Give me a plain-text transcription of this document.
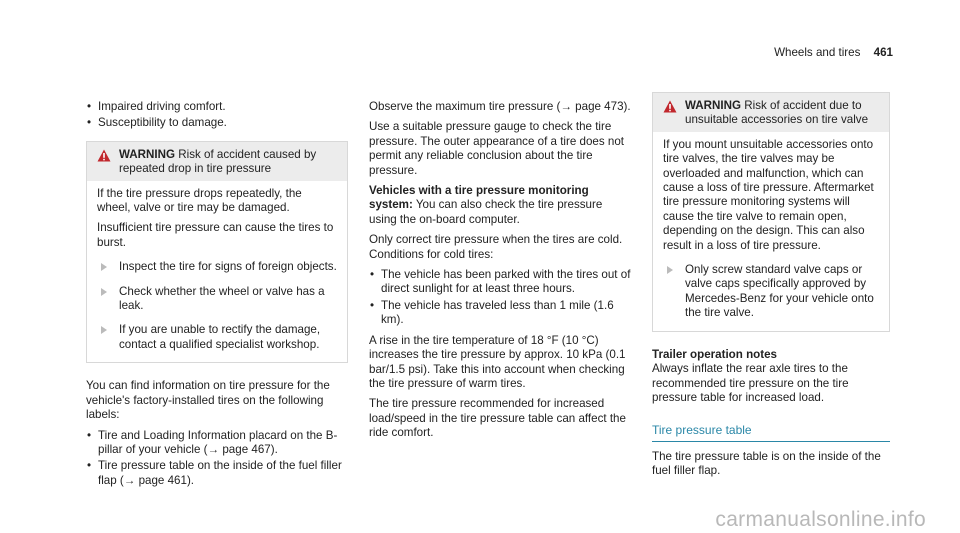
Wheels and tires 461
• Impaired driving comfort.
• Susceptibility to damage.
WARNING Risk of accident caused by repeated drop in tire pressure

If the tire pressure drops repeatedly, the wheel, valve or tire may be damaged.

Insufficient tire pressure can cause the tires to burst.

Inspect the tire for signs of foreign objects.
Check whether the wheel or valve has a leak.
If you are unable to rectify the damage, contact a qualified specialist workshop.

You can find information on tire pressure for the vehicle's factory-installed tires on the following labels:

• Tire and Loading Information placard on the B-pillar of your vehicle (→ page 467).
• Tire pressure table on the inside of the fuel filler flap (→ page 461).

Observe the maximum tire pressure (→ page 473).

Use a suitable pressure gauge to check the tire pressure. The outer appearance of a tire does not permit any reliable conclusion about the tire pressure.

Vehicles with a tire pressure monitoring system: You can also check the tire pressure using the on-board computer.

Only correct tire pressure when the tires are cold. Conditions for cold tires:

• The vehicle has been parked with the tires out of direct sunlight for at least three hours.
• The vehicle has traveled less than 1 mile (1.6 km).

A rise in the tire temperature of 18 °F (10 °C) increases the tire pressure by approx. 10 kPa (0.1 bar/1.5 psi). Take this into account when checking the tire pressure of warm tires.

The tire pressure recommended for increased load/speed in the tire pressure table can affect the ride comfort.

WARNING Risk of accident due to unsuitable accessories on tire valve

If you mount unsuitable accessories onto tire valves, the tire valves may be overloaded and malfunction, which can cause a loss of tire pressure. Aftermarket tire pressure monitoring systems will cause the tire valve to remain open, depending on the design. This can also result in a loss of tire pressure.

Only screw standard valve caps or valve caps specifically approved by Mercedes-Benz for your vehicle onto the tire valve.
Trailer operation notes

Always inflate the rear axle tires to the recommended tire pressure on the tire pressure table for increased load.

Tire pressure table

The tire pressure table is on the inside of the fuel filler flap.

carmanualsonline.info
